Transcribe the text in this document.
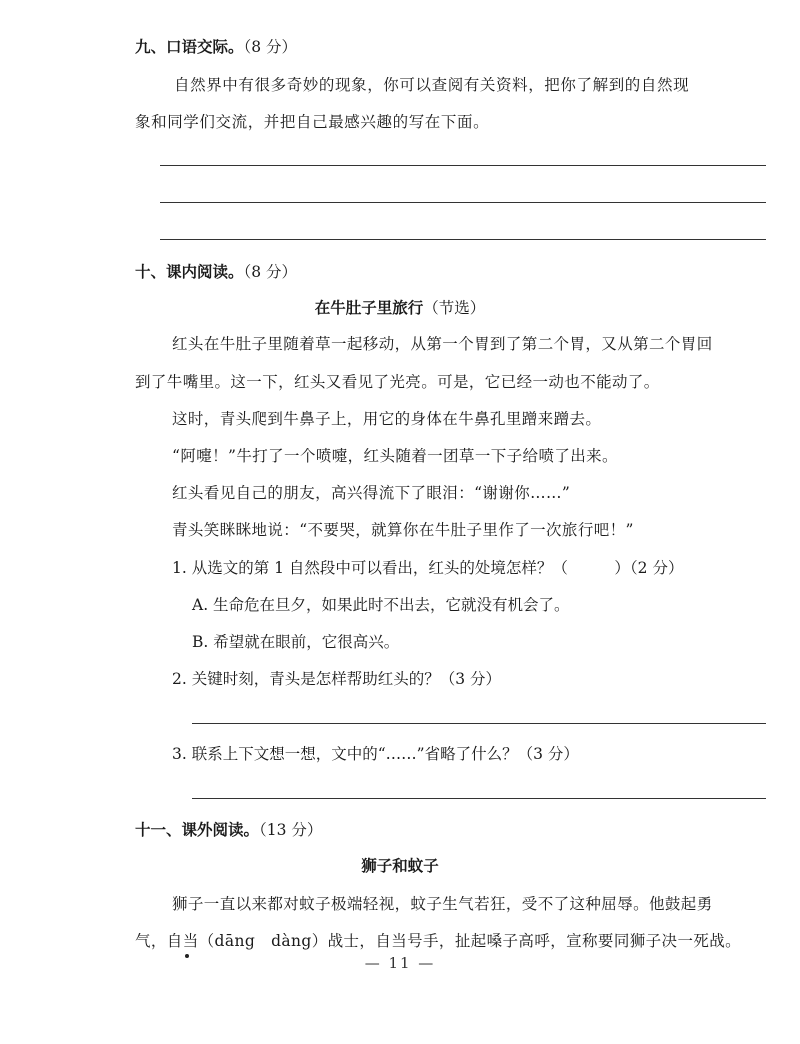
九、口语交际。（8 分）
自然界中有很多奇妙的现象，你可以查阅有关资料，把你了解到的自然现
象和同学们交流，并把自己最感兴趣的写在下面。
十、课内阅读。（8 分）
在牛肚子里旅行（节选）
红头在牛肚子里随着草一起移动，从第一个胃到了第二个胃，又从第二个胃回
到了牛嘴里。这一下，红头又看见了光亮。可是，它已经一动也不能动了。
这时，青头爬到牛鼻子上，用它的身体在牛鼻孔里蹭来蹭去。
“阿嚏！”牛打了一个喷嚏，红头随着一团草一下子给喷了出来。
红头看见自己的朋友，高兴得流下了眼泪：“谢谢你……”
青头笑眯眯地说：“不要哭，就算你在牛肚子里作了一次旅行吧！”
1. 从选文的第 1 自然段中可以看出，红头的处境怎样？（　　　）（2 分）
A. 生命危在旦夕，如果此时不出去，它就没有机会了。
B. 希望就在眼前，它很高兴。
2. 关键时刻，青头是怎样帮助红头的？（3 分）
3. 联系上下文想一想，文中的“……”省略了什么？（3 分）
十一、课外阅读。（13 分）
狮子和蚊子
狮子一直以来都对蚊子极端轻视，蚊子生气若狂，受不了这种屈辱。他鼓起勇
气，自当（dāng　dàng）战士，自当号手，扯起嗓子高呼，宣称要同狮子决一死战。
— 11 —
